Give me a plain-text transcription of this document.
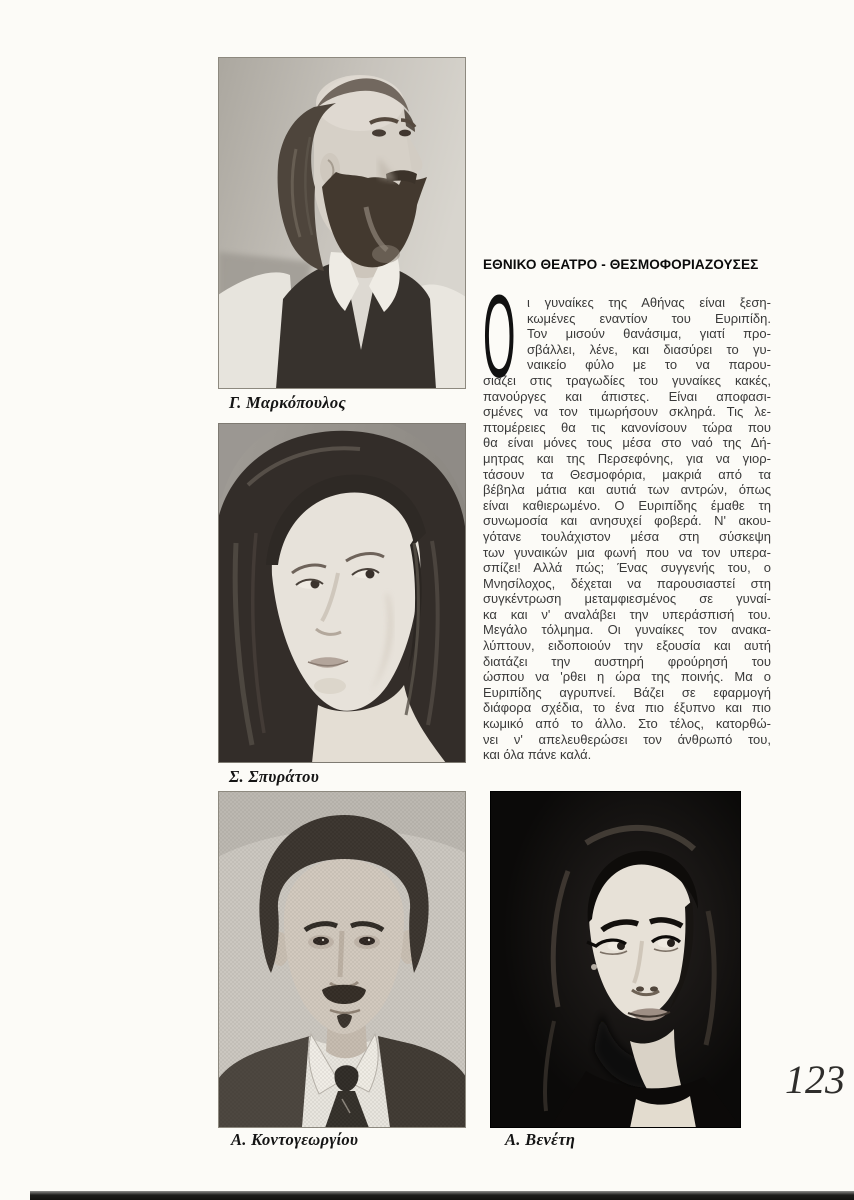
Γ. Μαρκόπουλος
Σ. Σπυράτου
Α. Κοντογεωργίου	Α. Βενέτη
ΕΘΝΙΚΟ ΘΕΑΤΡΟ - ΘΕΣΜΟΦΟΡΙΑΖΟΥΣΕΣ
Ο ι γυναίκες της Αθήνας είναι ξεση-
κωμένες εναντίον του Ευριπίδη.
Τον μισούν θανάσιμα, γιατί προ-
σβάλλει, λένε, και διασύρει το γυ-
ναικείο φύλο με το να παρου-
σιάζει στις τραγωδίες του γυναίκες κακές,
πανούργες και άπιστες. Είναι αποφασι-
σμένες να τον τιμωρήσουν σκληρά. Τις λε-
πτομέρειες θα τις κανονίσουν τώρα που
θα είναι μόνες τους μέσα στο ναό της Δή-
μητρας και της Περσεφόνης, για να γιορ-
τάσουν τα Θεσμοφόρια, μακριά από τα
βέβηλα μάτια και αυτιά των αντρών, όπως
είναι καθιερωμένο. Ο Ευριπίδης έμαθε τη
συνωμοσία και ανησυχεί φοβερά. Ν' ακου-
γότανε τουλάχιστον μέσα στη σύσκεψη
των γυναικών μια φωνή που να τον υπερα-
σπίζει! Αλλά πώς; Ένας συγγενής του, ο
Μνησίλοχος, δέχεται να παρουσιαστεί στη
συγκέντρωση μεταμφιεσμένος σε γυναί-
κα και ν' αναλάβει την υπεράσπισή του.
Μεγάλο τόλμημα. Οι γυναίκες τον ανακα-
λύπτουν, ειδοποιούν την εξουσία και αυτή
διατάζει την αυστηρή φρούρησή του
ώσπου να 'ρθει η ώρα της ποινής. Μα ο
Ευριπίδης αγρυπνεί. Βάζει σε εφαρμογή
διάφορα σχέδια, το ένα πιο έξυπνο και πιο
κωμικό από το άλλο. Στο τέλος, κατορθώ-
νει ν' απελευθερώσει τον άνθρωπό του,
και όλα πάνε καλά.
123
